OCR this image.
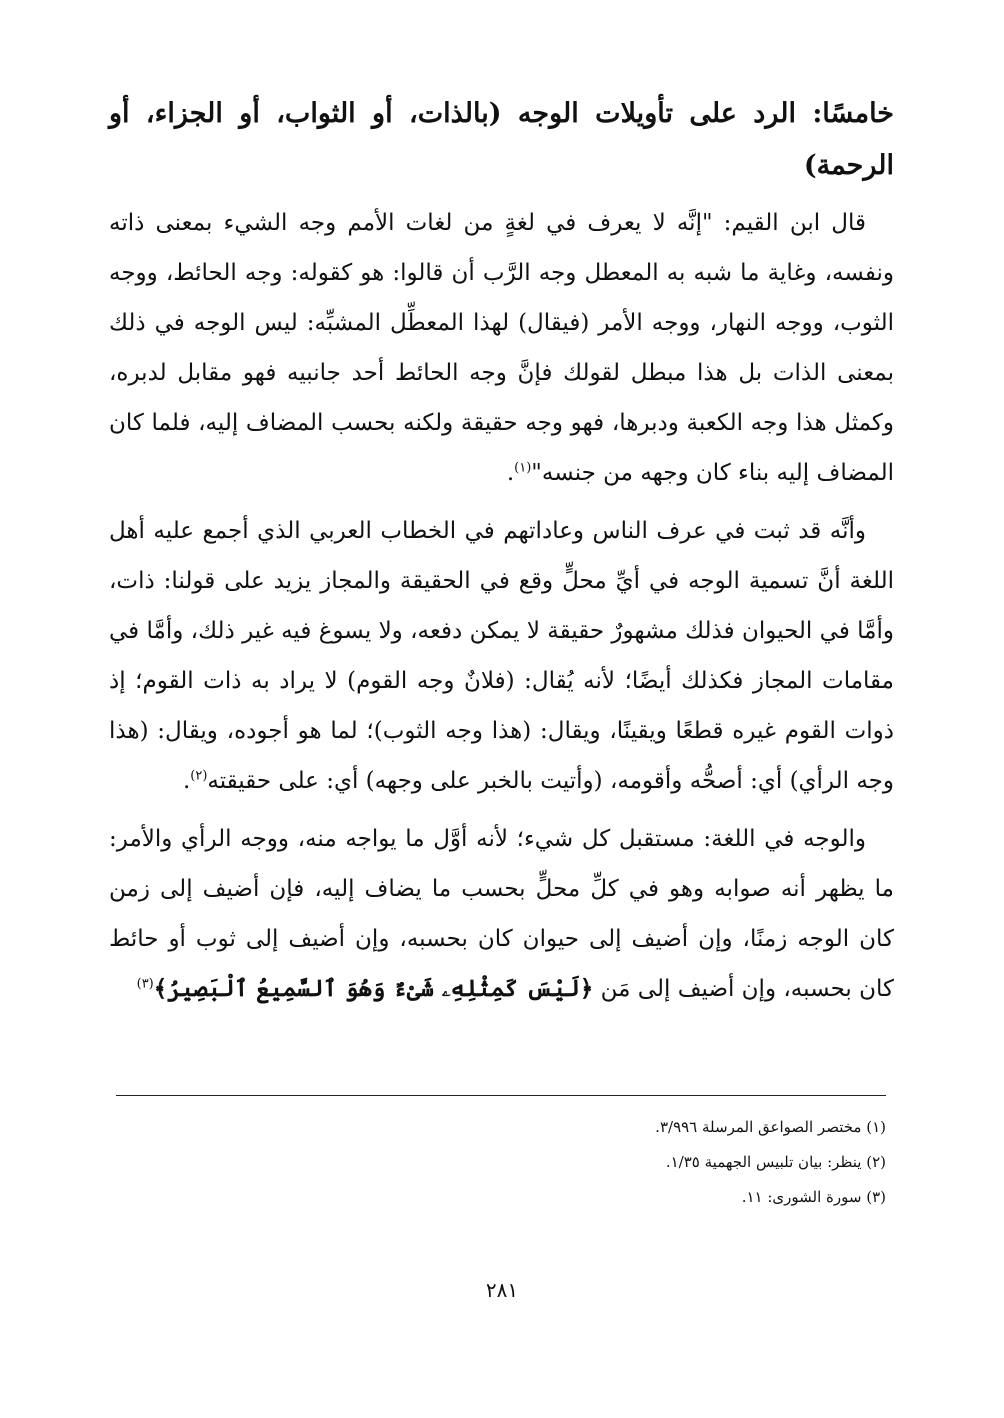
خامسًا: الرد على تأويلات الوجه (بالذات، أو الثواب، أو الجزاء، أو الرحمة)

قال ابن القيم: "إنَّه لا يعرف في لغةٍ من لغات الأمم وجه الشيء بمعنى ذاته ونفسه، وغاية ما شبه به المعطل وجه الرَّب أن قالوا: هو كقوله: وجه الحائط، ووجه الثوب، ووجه النهار، ووجه الأمر (فيقال) لهذا المعطِّل المشبِّه: ليس الوجه في ذلك بمعنى الذات بل هذا مبطل لقولك فإنَّ وجه الحائط أحد جانبيه فهو مقابل لدبره، وكمثل هذا وجه الكعبة ودبرها، فهو وجه حقيقة ولكنه بحسب المضاف إليه، فلما كان المضاف إليه بناء كان وجهه من جنسه"$^{(١)}$.

وأنَّه قد ثبت في عرف الناس وعاداتهم في الخطاب العربي الذي أجمع عليه أهل اللغة أنَّ تسمية الوجه في أيِّ محلٍّ وقع في الحقيقة والمجاز يزيد على قولنا: ذات، وأمَّا في الحيوان فذلك مشهورٌ حقيقة لا يمكن دفعه، ولا يسوغ فيه غير ذلك، وأمَّا في مقامات المجاز فكذلك أيضًا؛ لأنه يُقال: (فلانٌ وجه القوم) لا يراد به ذات القوم؛ إذ ذوات القوم غيره قطعًا ويقينًا، ويقال: (هذا وجه الثوب)؛ لما هو أجوده، ويقال: (هذا وجه الرأي) أي: أصحُّه وأقومه، (وأتيت بالخبر على وجهه) أي: على حقيقته$^{(٢)}$.

والوجه في اللغة: مستقبل كل شيء؛ لأنه أوَّل ما يواجه منه، ووجه الرأي والأمر: ما يظهر أنه صوابه وهو في كلِّ محلٍّ بحسب ما يضاف إليه، فإن أضيف إلى زمن كان الوجه زمنًا، وإن أضيف إلى حيوان كان بحسبه، وإن أضيف إلى ثوب أو حائط كان بحسبه، وإن أضيف إلى مَن ﴿لَيْسَ كَمِثْلِهِۦ شَىْءٌ وَهُوَ ٱلسَّمِيعُ ٱلْبَصِيرُ﴾$^{(٣)}$

(١) مختصر الصواعق المرسلة ٣/٩٩٦.

(٢) ينظر: بيان تلبيس الجهمية ١/٣٥.

(٣) سورة الشورى: ١١.

٢٨١
